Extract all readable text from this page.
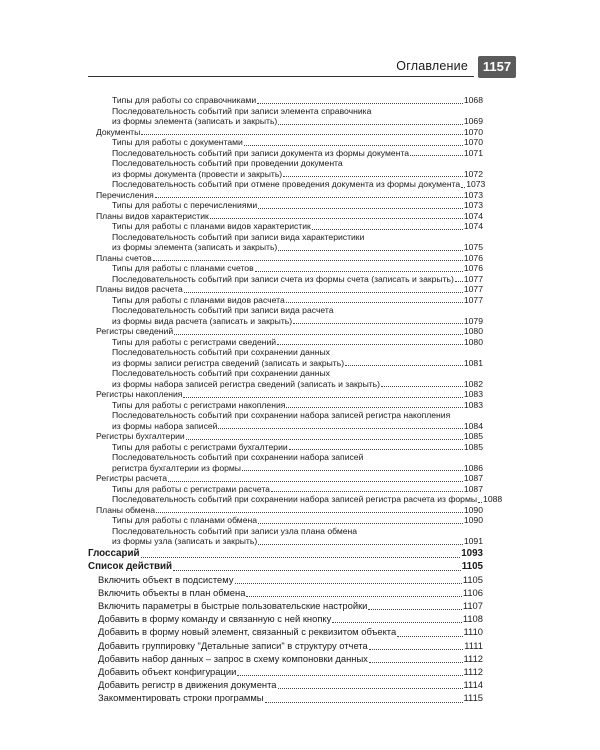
Оглавление	1157
Типы для работы со справочниками	1068
Последовательность событий при записи элемента справочника
из формы элемента (записать и закрыть)	1069
Документы	1070
Типы для работы с документами	1070
Последовательность событий при записи документа из формы документа	1071
Последовательность событий при проведении документа
из формы документа (провести и закрыть)	1072
Последовательность событий при отмене проведения документа из формы документа 1073
Перечисления	1073
Типы для работы с перечислениями	1073
Планы видов характеристик	1074
Типы для работы с планами видов характеристик	1074
Последовательность событий при записи вида характеристики
из формы элемента (записать и закрыть)	1075
Планы счетов	1076
Типы для работы с планами счетов	1076
Последовательность событий при записи счета из формы счета (записать и закрыть) 1077
Планы видов расчета	1077
Типы для работы с планами видов расчета	1077
Последовательность событий при записи вида расчета
из формы вида расчета (записать и закрыть)	1079
Регистры сведений	1080
Типы для работы с регистрами сведений	1080
Последовательность событий при сохранении данных
из формы записи регистра сведений (записать и закрыть)	1081
Последовательность событий при сохранении данных
из формы набора записей регистра сведений (записать и закрыть)	1082
Регистры накопления	1083
Типы для работы с регистрами накопления	1083
Последовательность событий при сохранении набора записей регистра накопления
из формы набора записей	1084
Регистры бухгалтерии	1085
Типы для работы с регистрами бухгалтерии	1085
Последовательность событий при сохранении набора записей
регистра бухгалтерии из формы	1086
Регистры расчета	1087
Типы для работы с регистрами расчета	1087
Последовательность событий при сохранении набора записей регистра расчета из формы 1088
Планы обмена	1090
Типы для работы с планами обмена	1090
Последовательность событий при записи узла плана обмена
из формы узла (записать и закрыть)	1091
Глоссарий	1093
Список действий	1105
Включить объект в подсистему	1105
Включить объекты в план обмена	1106
Включить параметры в быстрые пользовательские настройки	1107
Добавить в форму команду и связанную с ней кнопку	1108
Добавить в форму новый элемент, связанный с реквизитом объекта	1110
Добавить группировку "Детальные записи" в структуру отчета	1111
Добавить набор данных – запрос в схему компоновки данных	1112
Добавить объект конфигурации	1112
Добавить регистр в движения документа	1114
Закомментировать строки программы	1115
